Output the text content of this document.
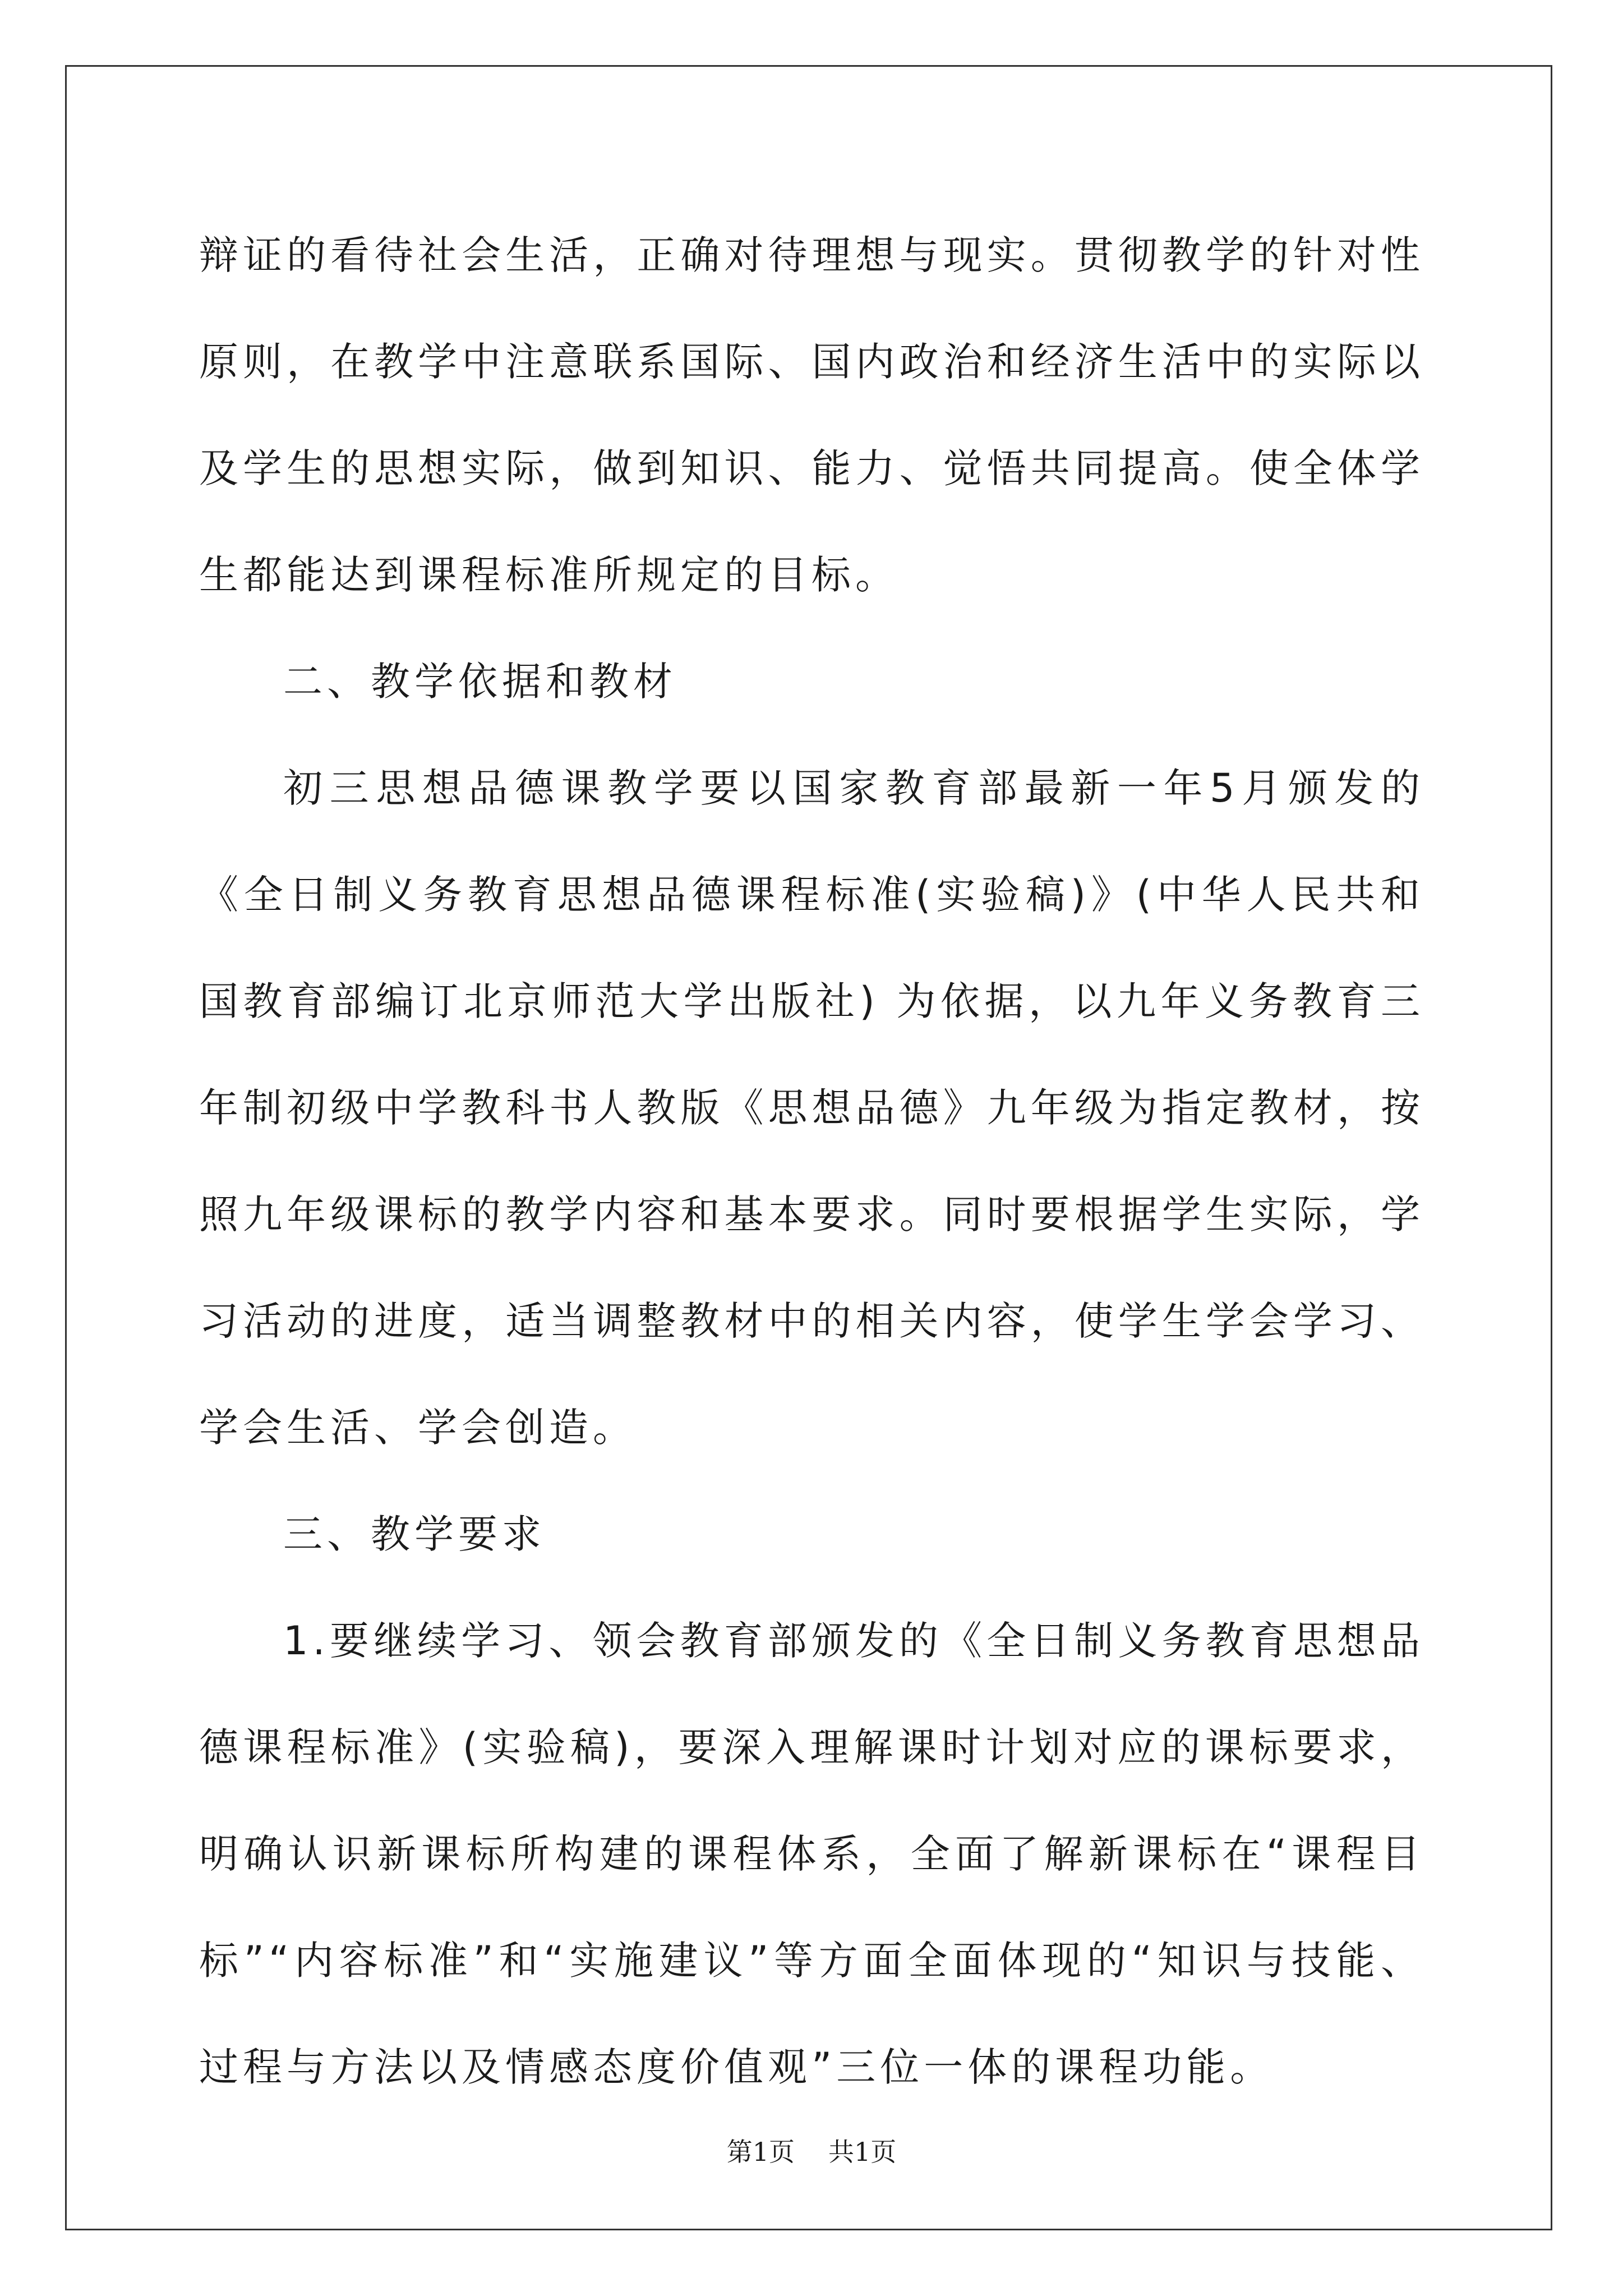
辩证的看待社会生活，正确对待理想与现实。贯彻教学的针对性原则，在教学中注意联系国际、国内政治和经济生活中的实际以及学生的思想实际，做到知识、能力、觉悟共同提高。使全体学生都能达到课程标准所规定的目标。

二、教学依据和教材

初三思想品德课教学要以国家教育部最新一年5月颁发的《全日制义务教育思想品德课程标准(实验稿)》(中华人民共和国教育部编订北京师范大学出版社) 为依据，以九年义务教育三年制初级中学教科书人教版《思想品德》九年级为指定教材，按照九年级课标的教学内容和基本要求。同时要根据学生实际，学习活动的进度，适当调整教材中的相关内容，使学生学会学习、学会生活、学会创造。

三、教学要求

1.要继续学习、领会教育部颁发的《全日制义务教育思想品德课程标准》(实验稿)，要深入理解课时计划对应的课标要求，明确认识新课标所构建的课程体系，全面了解新课标在“课程目标”“内容标准”和“实施建议”等方面全面体现的“知识与技能、过程与方法以及情感态度价值观”三位一体的课程功能。

第1页 共1页
